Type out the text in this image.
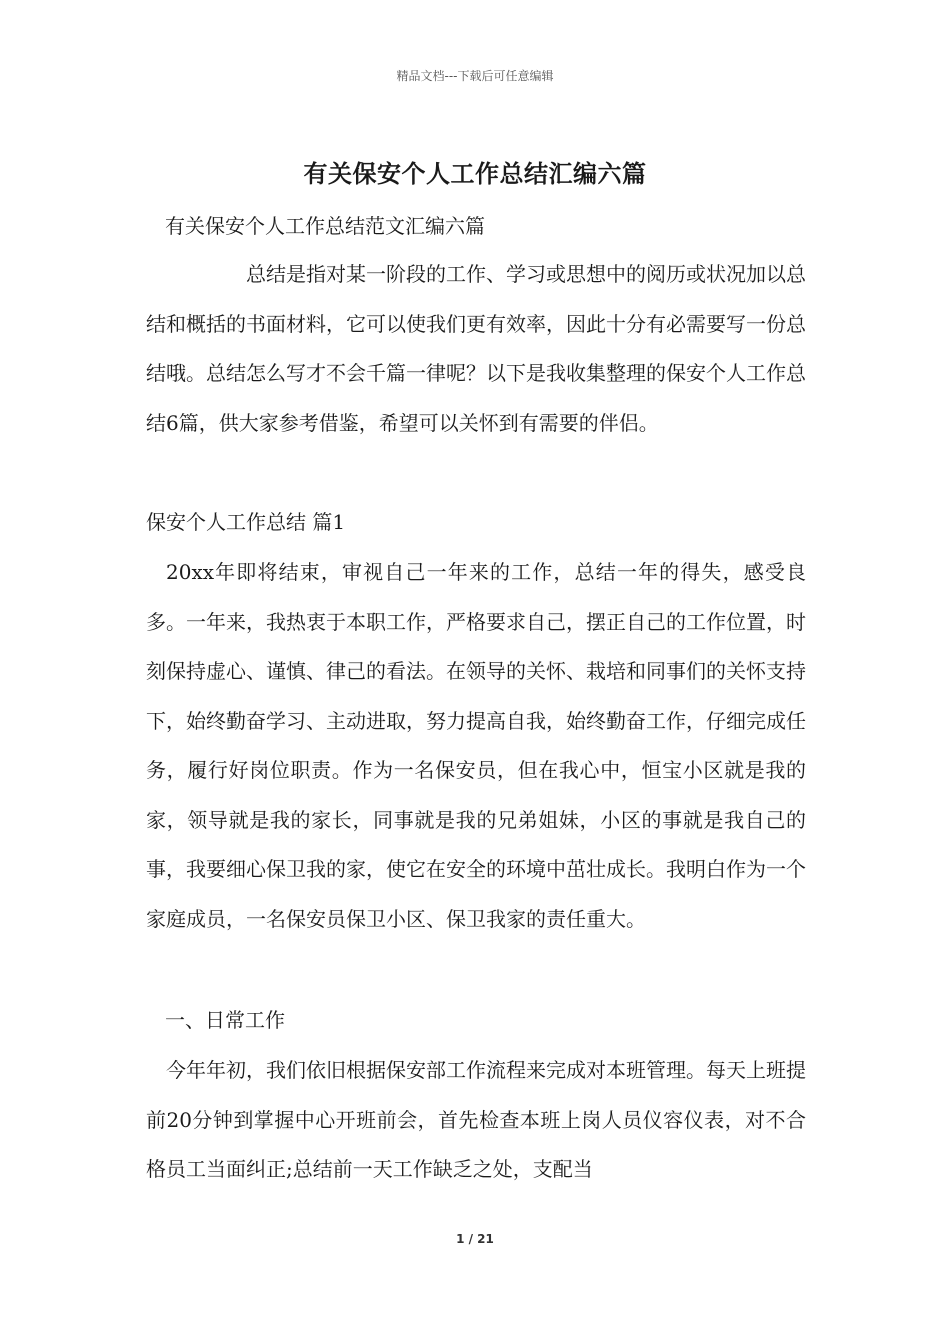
精品文档---下载后可任意编辑
有关保安个人工作总结汇编六篇
有关保安个人工作总结范文汇编六篇

总结是指对某一阶段的工作、学习或思想中的阅历或状况加以总结和概括的书面材料，它可以使我们更有效率，因此十分有必需要写一份总结哦。总结怎么写才不会千篇一律呢？以下是我收集整理的保安个人工作总结6篇，供大家参考借鉴，希望可以关怀到有需要的伴侣。

保安个人工作总结 篇1

20xx年即将结束，审视自己一年来的工作，总结一年的得失，感受良多。一年来，我热衷于本职工作，严格要求自己，摆正自己的工作位置，时刻保持虚心、谨慎、律己的看法。在领导的关怀、栽培和同事们的关怀支持下，始终勤奋学习、主动进取，努力提高自我，始终勤奋工作，仔细完成任务，履行好岗位职责。作为一名保安员，但在我心中，恒宝小区就是我的家，领导就是我的家长，同事就是我的兄弟姐妹，小区的事就是我自己的事，我要细心保卫我的家，使它在安全的环境中茁壮成长。我明白作为一个家庭成员，一名保安员保卫小区、保卫我家的责任重大。

一、日常工作

今年年初，我们依旧根据保安部工作流程来完成对本班管理。每天上班提前20分钟到掌握中心开班前会，首先检查本班上岗人员仪容仪表，对不合格员工当面纠正;总结前一天工作缺乏之处，支配当

1 / 21
